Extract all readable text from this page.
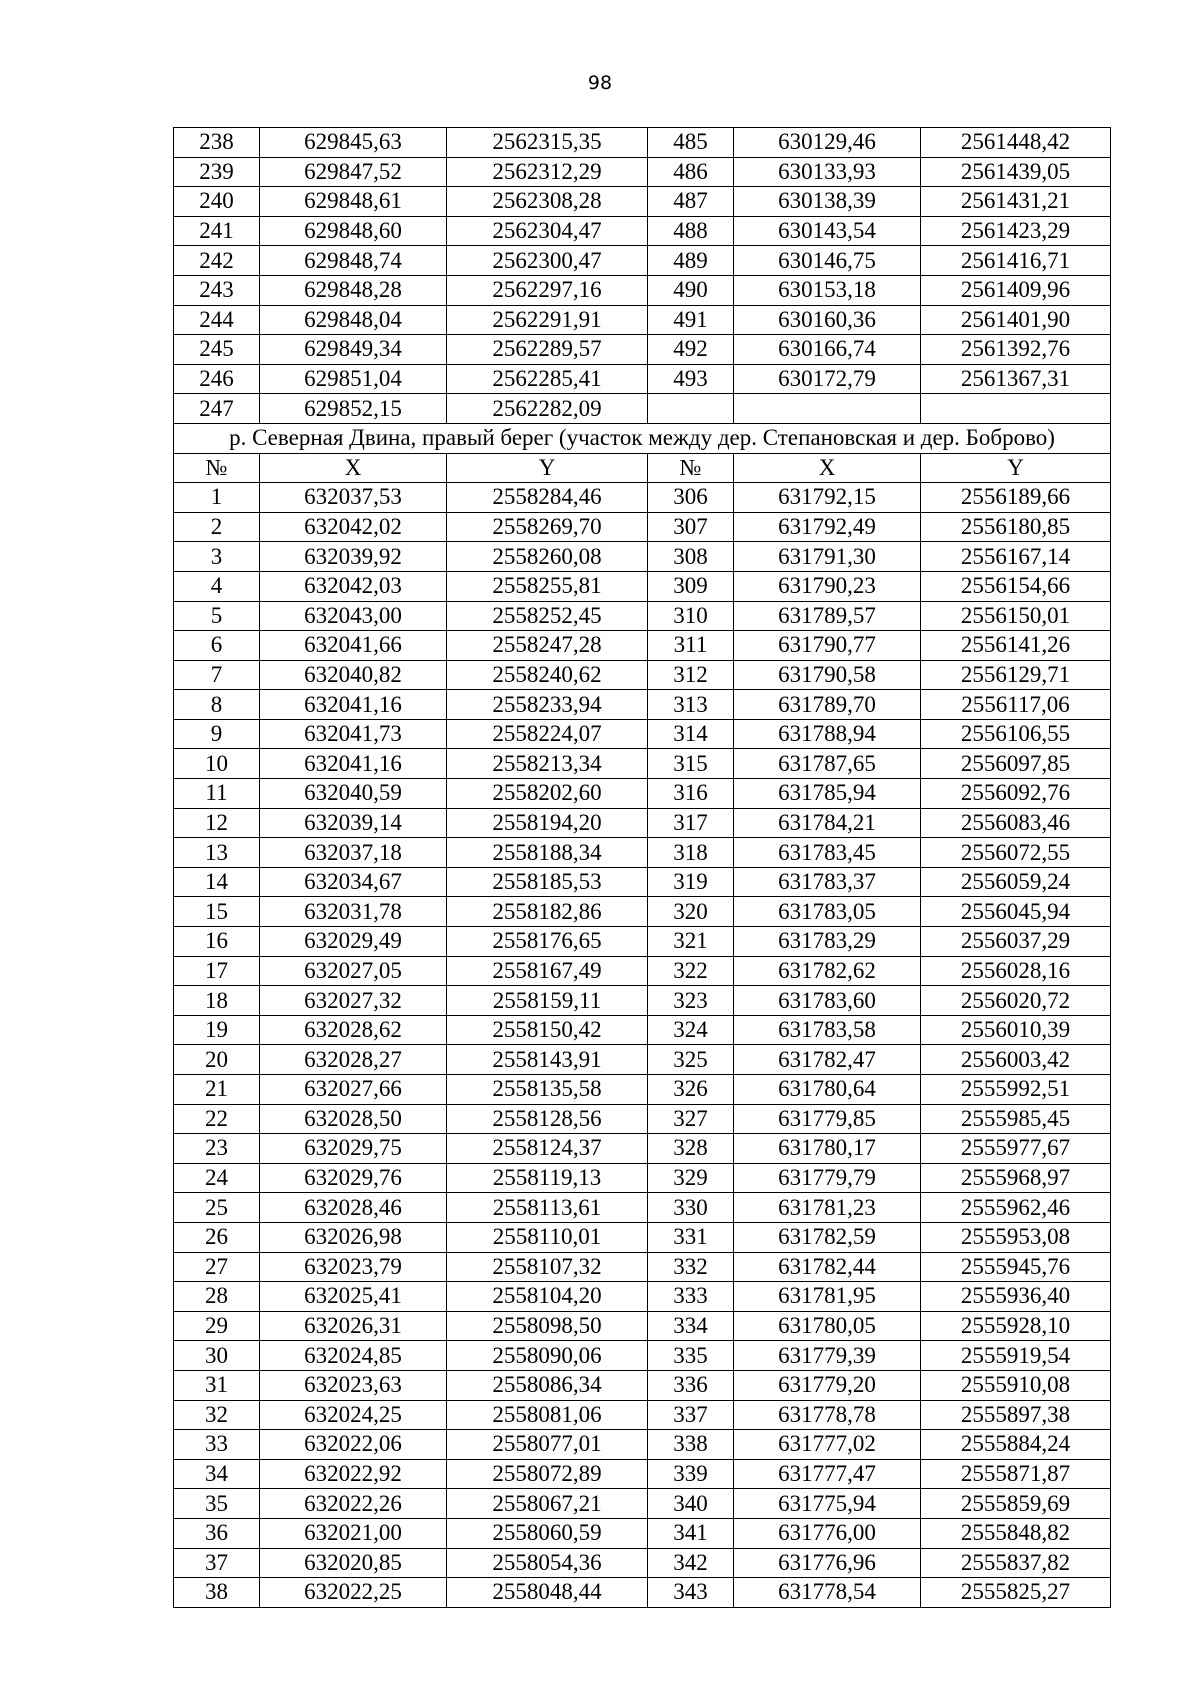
98
238	629845,63	2562315,35	485	630129,46	2561448,42
239	629847,52	2562312,29	486	630133,93	2561439,05
240	629848,61	2562308,28	487	630138,39	2561431,21
241	629848,60	2562304,47	488	630143,54	2561423,29
242	629848,74	2562300,47	489	630146,75	2561416,71
243	629848,28	2562297,16	490	630153,18	2561409,96
244	629848,04	2562291,91	491	630160,36	2561401,90
245	629849,34	2562289,57	492	630166,74	2561392,76
246	629851,04	2562285,41	493	630172,79	2561367,31
247	629852,15	2562282,09			
р. Северная Двина, правый берег (участок между дер. Степановская и дер. Боброво)					
№	X	Y	№	X	Y
1	632037,53	2558284,46	306	631792,15	2556189,66
2	632042,02	2558269,70	307	631792,49	2556180,85
3	632039,92	2558260,08	308	631791,30	2556167,14
4	632042,03	2558255,81	309	631790,23	2556154,66
5	632043,00	2558252,45	310	631789,57	2556150,01
6	632041,66	2558247,28	311	631790,77	2556141,26
7	632040,82	2558240,62	312	631790,58	2556129,71
8	632041,16	2558233,94	313	631789,70	2556117,06
9	632041,73	2558224,07	314	631788,94	2556106,55
10	632041,16	2558213,34	315	631787,65	2556097,85
11	632040,59	2558202,60	316	631785,94	2556092,76
12	632039,14	2558194,20	317	631784,21	2556083,46
13	632037,18	2558188,34	318	631783,45	2556072,55
14	632034,67	2558185,53	319	631783,37	2556059,24
15	632031,78	2558182,86	320	631783,05	2556045,94
16	632029,49	2558176,65	321	631783,29	2556037,29
17	632027,05	2558167,49	322	631782,62	2556028,16
18	632027,32	2558159,11	323	631783,60	2556020,72
19	632028,62	2558150,42	324	631783,58	2556010,39
20	632028,27	2558143,91	325	631782,47	2556003,42
21	632027,66	2558135,58	326	631780,64	2555992,51
22	632028,50	2558128,56	327	631779,85	2555985,45
23	632029,75	2558124,37	328	631780,17	2555977,67
24	632029,76	2558119,13	329	631779,79	2555968,97
25	632028,46	2558113,61	330	631781,23	2555962,46
26	632026,98	2558110,01	331	631782,59	2555953,08
27	632023,79	2558107,32	332	631782,44	2555945,76
28	632025,41	2558104,20	333	631781,95	2555936,40
29	632026,31	2558098,50	334	631780,05	2555928,10
30	632024,85	2558090,06	335	631779,39	2555919,54
31	632023,63	2558086,34	336	631779,20	2555910,08
32	632024,25	2558081,06	337	631778,78	2555897,38
33	632022,06	2558077,01	338	631777,02	2555884,24
34	632022,92	2558072,89	339	631777,47	2555871,87
35	632022,26	2558067,21	340	631775,94	2555859,69
36	632021,00	2558060,59	341	631776,00	2555848,82
37	632020,85	2558054,36	342	631776,96	2555837,82
38	632022,25	2558048,44	343	631778,54	2555825,27
